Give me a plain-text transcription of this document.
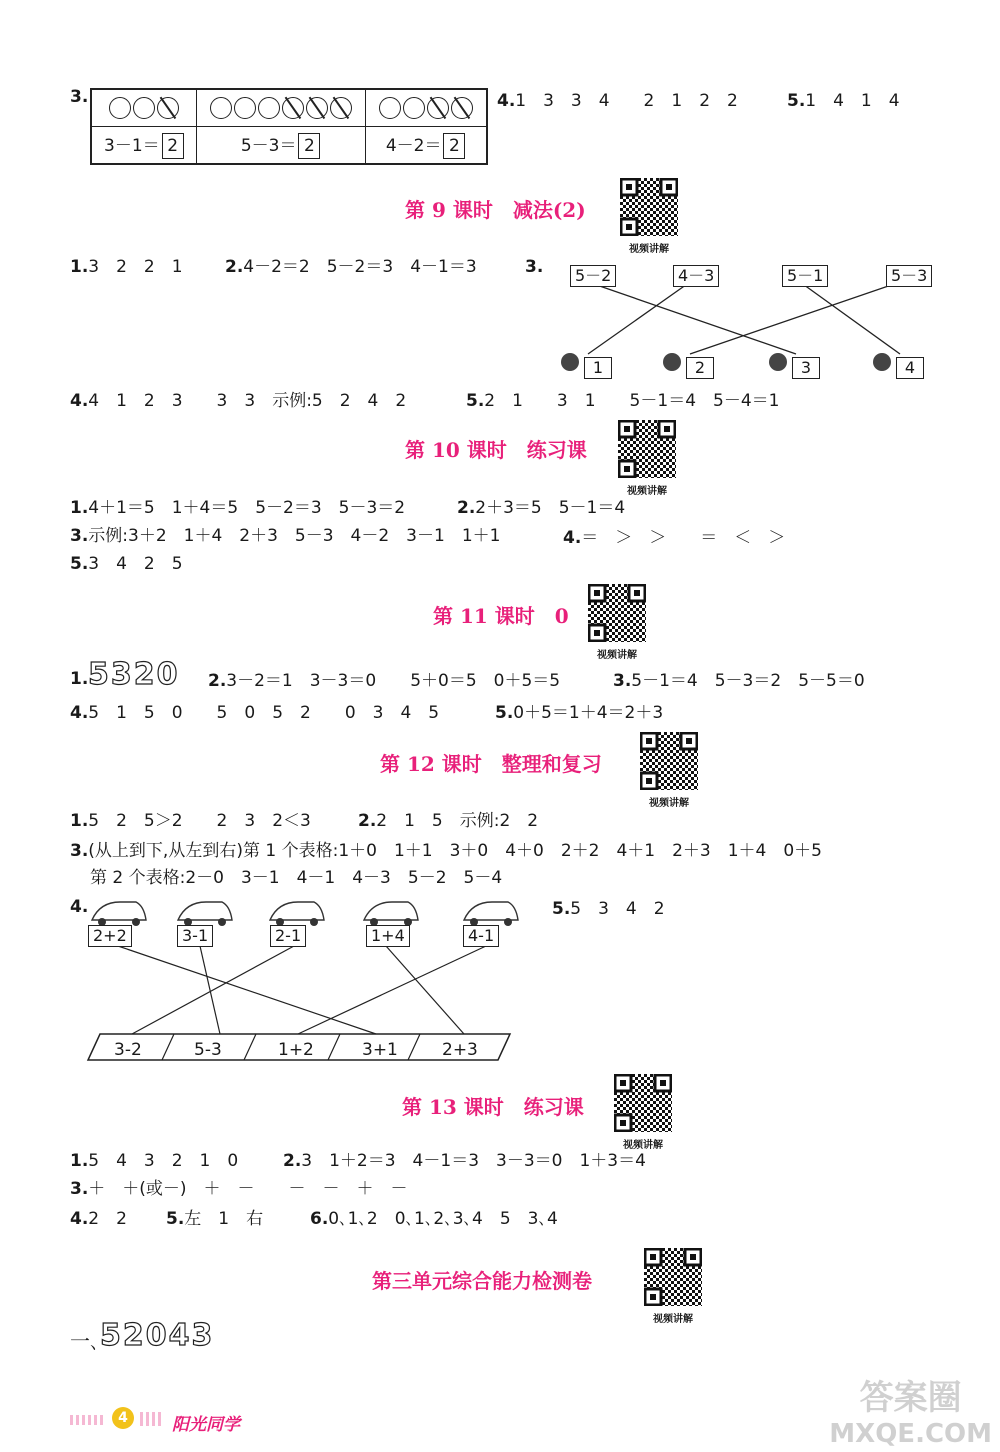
3.

3－1＝ 2	5－3＝ 2	4－2＝ 2
4.1　3　3　4　　2　1　2　2	5.1　4　1　4
第 9 课时　减法(2)
视频讲解
1.3　2　2　1 2.4－2＝2　5－2＝3　4－1＝3	3.	5－2	4－3	5－1	5－3
1	2	3	4
4.4　1　2　3　　3　3　示例:5　2　4　2	5.2　1　　3　1　　5－1＝4　5－4＝1
第 10 课时　练习课
视频讲解
1.4＋1＝5　1＋4＝5　5－2＝3　5－3＝2	2.2＋3＝5　5－1＝4
3.示例:3＋2　1＋4　2＋3　5－3　4－2　3－1　1＋1	4.＝　＞　＞　　＝　＜　＞
5.3　4　2　5
第 11 课时　0
视频讲解
1. 5320 2.3－2＝1　3－3＝0　　5＋0＝5　0＋5＝5	3.5－1＝4　5－3＝2　5－5＝0
4.5　1　5　0　　5　0　5　2　　0　3　4　5	5.0＋5＝1＋4＝2＋3
第 12 课时　整理和复习
视频讲解
1.5　2　5＞2　　2　3　2＜3	2.2　1　5　示例:2　2
3.(从上到下,从左到右)第 1 个表格:1＋0　1＋1　3＋0　4＋0　2＋2　4＋1　2＋3　1＋4　0＋5
第 2 个表格:2－0　3－1　4－1　4－3　5－2　5－4
4.	5.5　3　4　2
2+2	3-1	2-1	1+4	4-1
3-2	5-3	1+2	3+1	2+3
第 13 课时　练习课
视频讲解
1.5　4　3　2　1　0	2.3　1＋2＝3　4－1＝3　3－3＝0　1＋3＝4
3.＋　＋(或－)　＋　－　　－　－　＋　－
4.2　2 5.左　1　右	6.0､1､2　0､1､2､3､4　5　3､4
第三单元综合能力检测卷
视频讲解
一､ 52043
4	阳光同学
答案圈
MXQE.COM
